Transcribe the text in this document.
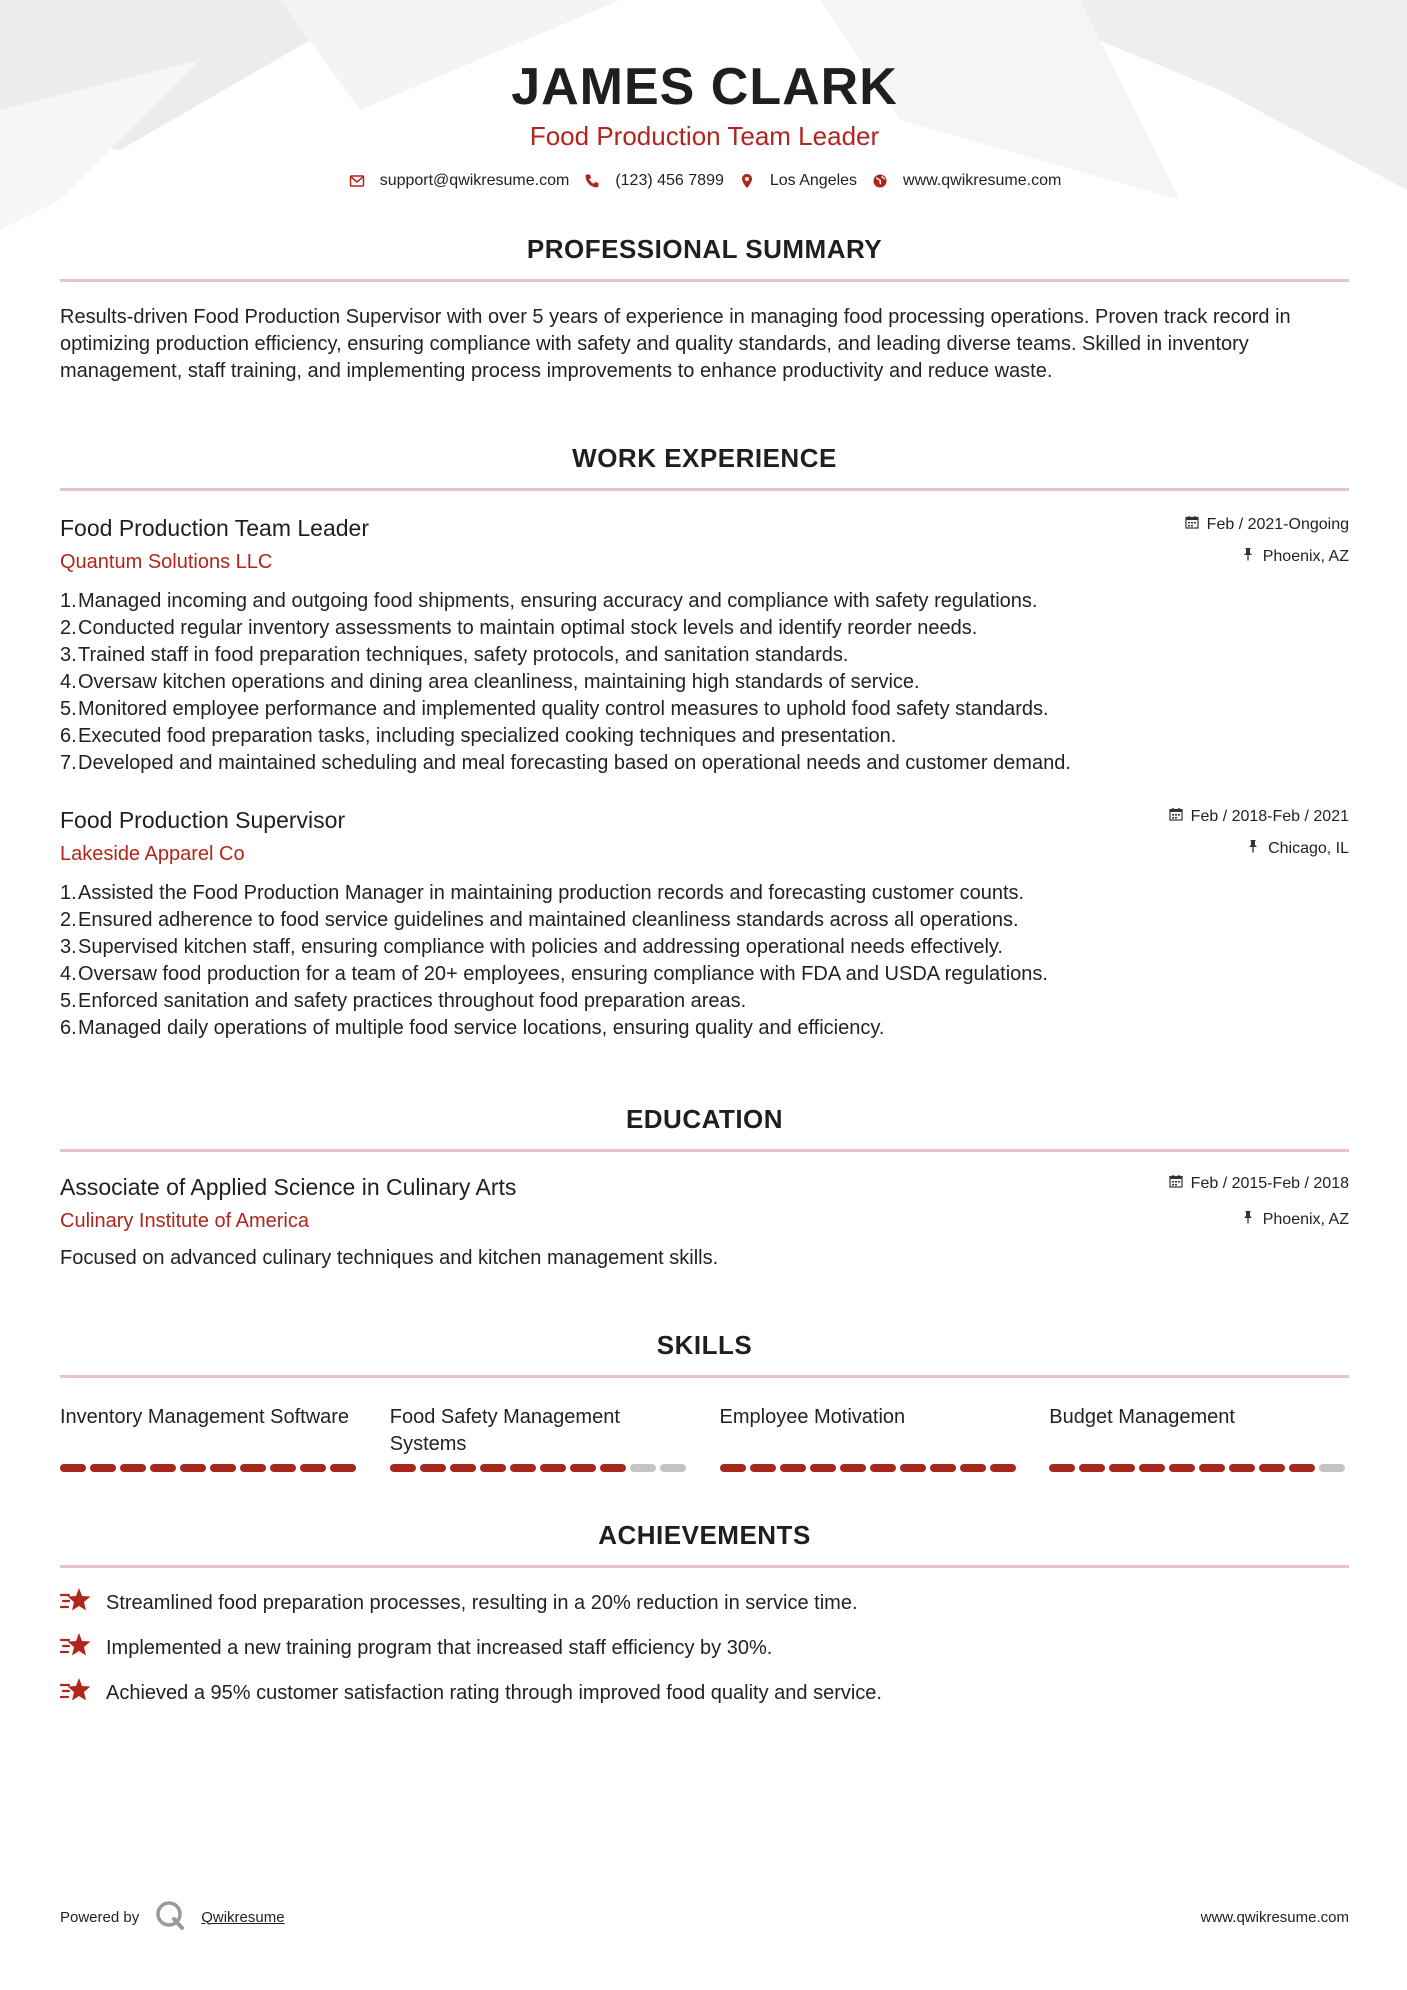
JAMES CLARK
Food Production Team Leader
support@qwikresume.com	(123) 456 7899	Los Angeles	www.qwikresume.com
PROFESSIONAL SUMMARY

Results-driven Food Production Supervisor with over 5 years of experience in managing food processing operations. Proven track record in optimizing production efficiency, ensuring compliance with safety and quality standards, and leading diverse teams. Skilled in inventory management, staff training, and implementing process improvements to enhance productivity and reduce waste.

WORK EXPERIENCE
Food Production Team Leader
Quantum Solutions LLC
Feb / 2021-Ongoing
Phoenix, AZ
1. Managed incoming and outgoing food shipments, ensuring accuracy and compliance with safety regulations.
2. Conducted regular inventory assessments to maintain optimal stock levels and identify reorder needs.
3. Trained staff in food preparation techniques, safety protocols, and sanitation standards.
4. Oversaw kitchen operations and dining area cleanliness, maintaining high standards of service.
5. Monitored employee performance and implemented quality control measures to uphold food safety standards.
6. Executed food preparation tasks, including specialized cooking techniques and presentation.
7. Developed and maintained scheduling and meal forecasting based on operational needs and customer demand.
Food Production Supervisor
Lakeside Apparel Co
Feb / 2018-Feb / 2021
Chicago, IL
1. Assisted the Food Production Manager in maintaining production records and forecasting customer counts.
2. Ensured adherence to food service guidelines and maintained cleanliness standards across all operations.
3. Supervised kitchen staff, ensuring compliance with policies and addressing operational needs effectively.
4. Oversaw food production for a team of 20+ employees, ensuring compliance with FDA and USDA regulations.
5. Enforced sanitation and safety practices throughout food preparation areas.
6. Managed daily operations of multiple food service locations, ensuring quality and efficiency.
EDUCATION
Associate of Applied Science in Culinary Arts
Culinary Institute of America
Feb / 2015-Feb / 2018
Phoenix, AZ

Focused on advanced culinary techniques and kitchen management skills.

SKILLS
Inventory Management Software	Food Safety Management Systems
Employee Motivation	Budget Management
ACHIEVEMENTS
Streamlined food preparation processes, resulting in a 20% reduction in service time.
Implemented a new training program that increased staff efficiency by 30%.
Achieved a 95% customer satisfaction rating through improved food quality and service.
Powered by	Qwikresume	www.qwikresume.com
